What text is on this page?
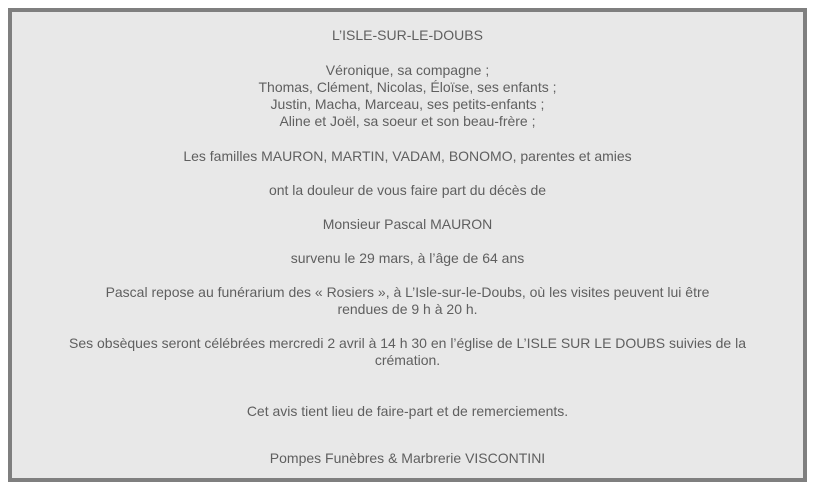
L’ISLE-SUR-LE-DOUBS
Véronique, sa compagne ;
Thomas, Clément, Nicolas, Éloïse, ses enfants ;
Justin, Macha, Marceau, ses petits-enfants ;
Aline et Joël, sa soeur et son beau-frère ;
Les familles MAURON, MARTIN, VADAM, BONOMO, parentes et amies
ont la douleur de vous faire part du décès de
Monsieur Pascal MAURON
survenu le 29 mars, à l’âge de 64 ans
Pascal repose au funérarium des « Rosiers », à L’Isle-sur-le-Doubs, où les visites peuvent lui être rendues de 9 h à 20 h.
Ses obsèques seront célébrées mercredi 2 avril à 14 h 30 en l’église de L’ISLE SUR LE DOUBS suivies de la crémation.
Cet avis tient lieu de faire-part et de remerciements.
Pompes Funèbres & Marbrerie VISCONTINI
